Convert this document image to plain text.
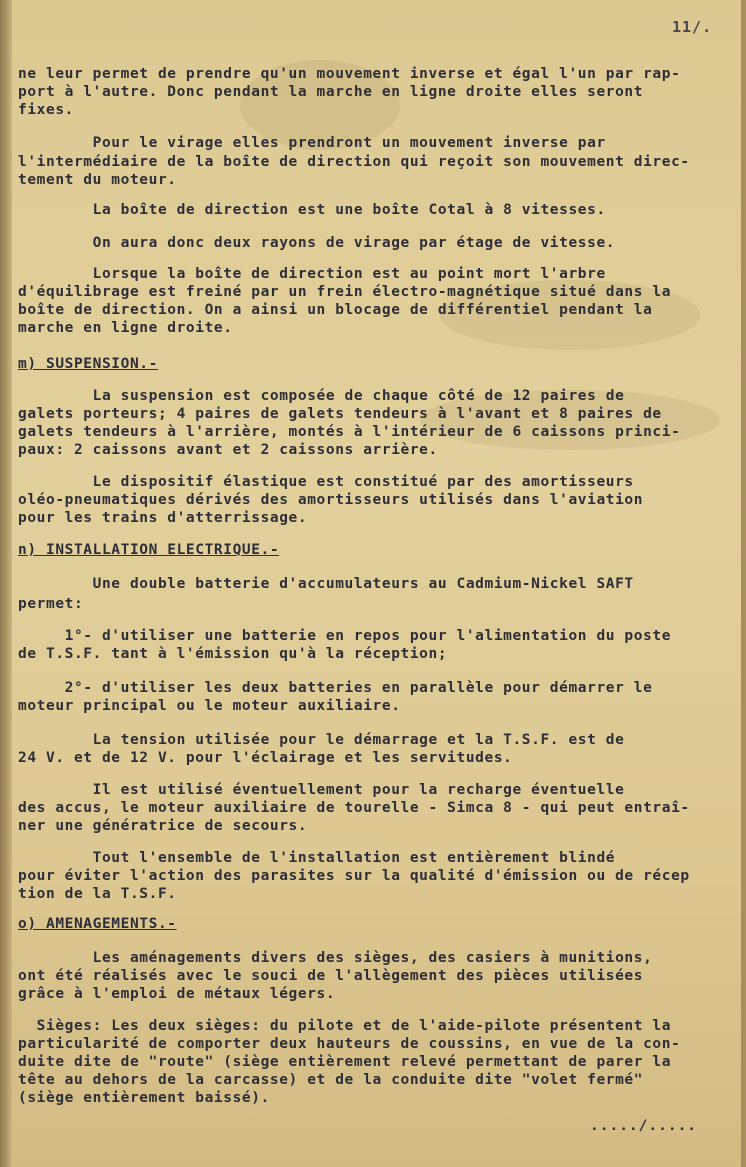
11/.
ne leur permet de prendre qu'un mouvement inverse et égal l'un par rap-
port à l'autre. Donc pendant la marche en ligne droite elles seront
fixes.
Pour le virage elles prendront un mouvement inverse par
l'intermédiaire de la boîte de direction qui reçoit son mouvement direc-
tement du moteur.
La boîte de direction est une boîte Cotal à 8 vitesses.
On aura donc deux rayons de virage par étage de vitesse.
Lorsque la boîte de direction est au point mort l'arbre
d'équilibrage est freiné par un frein électro-magnétique situé dans la
boîte de direction. On a ainsi un blocage de différentiel pendant la
marche en ligne droite.
m) SUSPENSION.-
La suspension est composée de chaque côté de 12 paires de
galets porteurs; 4 paires de galets tendeurs à l'avant et 8 paires de
galets tendeurs à l'arrière, montés à l'intérieur de 6 caissons princi-
paux: 2 caissons avant et 2 caissons arrière.
Le dispositif élastique est constitué par des amortisseurs
oléo-pneumatiques dérivés des amortisseurs utilisés dans l'aviation
pour les trains d'atterrissage.
n) INSTALLATION ELECTRIQUE.-
Une double batterie d'accumulateurs au Cadmium-Nickel SAFT
permet:
1°- d'utiliser une batterie en repos pour l'alimentation du poste
de T.S.F. tant à l'émission qu'à la réception;
2°- d'utiliser les deux batteries en parallèle pour démarrer le
moteur principal ou le moteur auxiliaire.
La tension utilisée pour le démarrage et la T.S.F. est de
24 V. et de 12 V. pour l'éclairage et les servitudes.
Il est utilisé éventuellement pour la recharge éventuelle
des accus, le moteur auxiliaire de tourelle - Simca 8 - qui peut entraî-
ner une génératrice de secours.
Tout l'ensemble de l'installation est entièrement blindé
pour éviter l'action des parasites sur la qualité d'émission ou de récep
tion de la T.S.F.
o) AMENAGEMENTS.-
Les aménagements divers des sièges, des casiers à munitions,
ont été réalisés avec le souci de l'allègement des pièces utilisées
grâce à l'emploi de métaux légers.
Sièges: Les deux sièges: du pilote et de l'aide-pilote présentent la
particularité de comporter deux hauteurs de coussins, en vue de la con-
duite dite de "route" (siège entièrement relevé permettant de parer la
tête au dehors de la carcasse) et de la conduite dite "volet fermé"
(siège entièrement baissé).
...../.....
